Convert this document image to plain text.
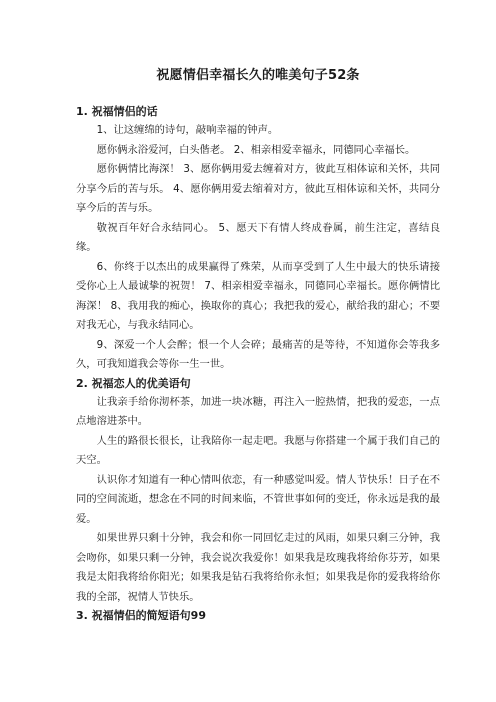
祝愿情侣幸福长久的唯美句子52条
1. 祝福情侣的话

1、让这缠绵的诗句，敲响幸福的钟声。

愿你俩永浴爱河，白头偕老。 2、相亲相爱幸福永，同德同心幸福长。

愿你俩情比海深！ 3、愿你俩用爱去缠着对方，彼此互相体谅和关怀，共同分享今后的苦与乐。 4、愿你俩用爱去缩着对方，彼此互相体谅和关怀，共同分享今后的苦与乐。

敬祝百年好合永结同心。 5、愿天下有情人终成眷属，前生注定，喜结良缘。

6、你终于以杰出的成果赢得了殊荣，从而享受到了人生中最大的快乐请接受你心上人最诚挚的祝贺！ 7、相亲相爱幸福永，同德同心幸福长。愿你俩情比海深！ 8、我用我的痴心，换取你的真心；我把我的爱心，献给我的甜心；不要对我无心，与我永结同心。

9、深爱一个人会醉；恨一个人会碎；最痛苦的是等待，不知道你会等我多久，可我知道我会等你一生一世。

2. 祝福恋人的优美语句

让我亲手给你沏杯茶，加进一块冰糖，再注入一腔热情，把我的爱恋，一点点地溶进茶中。

人生的路很长很长，让我陪你一起走吧。我愿与你搭建一个属于我们自己的天空。

认识你才知道有一种心情叫依恋，有一种感觉叫爱。情人节快乐！日子在不同的空间流逝，想念在不同的时间来临，不管世事如何的变迁，你永远是我的最爱。

如果世界只剩十分钟，我会和你一同回忆走过的风雨，如果只剩三分钟，我会吻你，如果只剩一分钟，我会说次我爱你！如果我是玫瑰我将给你芬芳，如果我是太阳我将给你阳光；如果我是钻石我将给你永恒；如果我是你的爱我将给你我的全部，祝情人节快乐。

3. 祝福情侣的简短语句99
